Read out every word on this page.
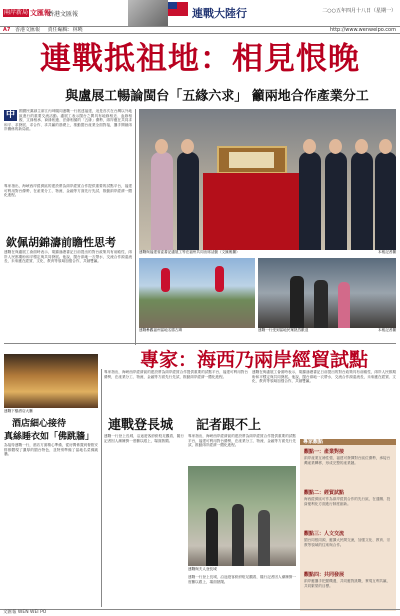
兩岸新局 文匯報
香港文匯報	連戰大陸行	二○○五年四月十八日（星期一）
A7 香港文匯報 責任編輯：林曉	http://www.wenweipo.com
連戰抵祖地：相見恨晚
與盧展工暢論閩台「五緣六求」 籲兩地合作產業分工
中	國國民黨副主席江丙坤隨同連戰一行抵達福建，這是首次在台灣以外地區進行的重要交流活動。盧展工表示閩台之間具有地緣相近、血緣相親、文緣相承、商緣相連、法緣相循的「五緣」優勢，兩岸應在共同求和平、求發展、求合作、求共贏的基礎上，推動閩台產業全面對接，攜手開創兩岸關係的新局面。
連戰與福建省委書記盧展工等在福州共同出席活動（文匯報攝）	本報記者攝
專家指出，海峽西岸經濟區的建設將為兩岸經貿合作提供重要的試點平台，福建可利用對台優勢，在產業分工、物流、金融等方面先行先試，推動兩岸經濟一體化進程。
欽佩胡錦濤前瞻性思考
連戰在與盧展工會面時表示，胡錦濤總書記日前提出的對台政策具有前瞻性，兩岸人民都期盼和平穩定與共同發展。他說，閩台兩地一衣帶水，交流合作源遠流長，未來應在經貿、文化、教育等領域加強合作，共創雙贏。
連戰參觀福州當地名勝古蹟	連戰一行受到當地民眾熱烈歡迎	本報記者攝
專家：海西乃兩岸經貿試點
連戰下榻酒店大廳
酒店細心接待
真絲睡衣如「佛跳牆」
為接待連戰一行，酒店方面精心準備，從房間佈置到餐飲安排都體現了濃厚的閩台特色，並特別準備了當地名菜佛跳牆。
專家指出，海峽西岸經濟區的建設將為兩岸經貿合作提供重要的試點平台，福建可利用對台優勢，在產業分工、物流、金融等方面先行先試，推動兩岸經濟一體化進程。
連戰在與盧展工會面時表示，胡錦濤總書記日前提出的對台政策具有前瞻性，兩岸人民都期盼和平穩定與共同發展。他說，閩台兩地一衣帶水，交流合作源遠流長，未來應在經貿、文化、教育等領域加強合作，共創雙贏。
連戰登長城 記者跟不上
連戰一行登上長城，沿途遊客紛紛駐足觀看，隨行記者因人潮擁擠一度難以跟上，場面熱鬧。
專家指出，海峽西岸經濟區的建設將為兩岸經貿合作提供重要的試點平台，福建可利用對台優勢，在產業分工、物流、金融等方面先行先試，推動兩岸經濟一體化進程。
連戰與夫人登長城
連戰一行登上長城，沿途遊客紛紛駐足觀看，隨行記者因人潮擁擠一度難以跟上，場面熱鬧。
專家觀點
觀點一：產業對接
兩岸產業互補性強，福建可發揮對台區位優勢，承接台灣產業轉移，形成完整的產業鏈。
觀點二：經貿試點
海西經濟區可作為兩岸經貿合作的先行區，在通關、投資便利化方面進行制度創新。
觀點三：人文交流
閩台同根同源，應擴大民間交流，加強文化、教育、宗教等領域的往來與合作。
觀點四：共同發展
兩岸應攜手把握機遇，共同應對挑戰，實現互利共贏、共同繁榮的目標。
文匯報 WEN WEI PO
